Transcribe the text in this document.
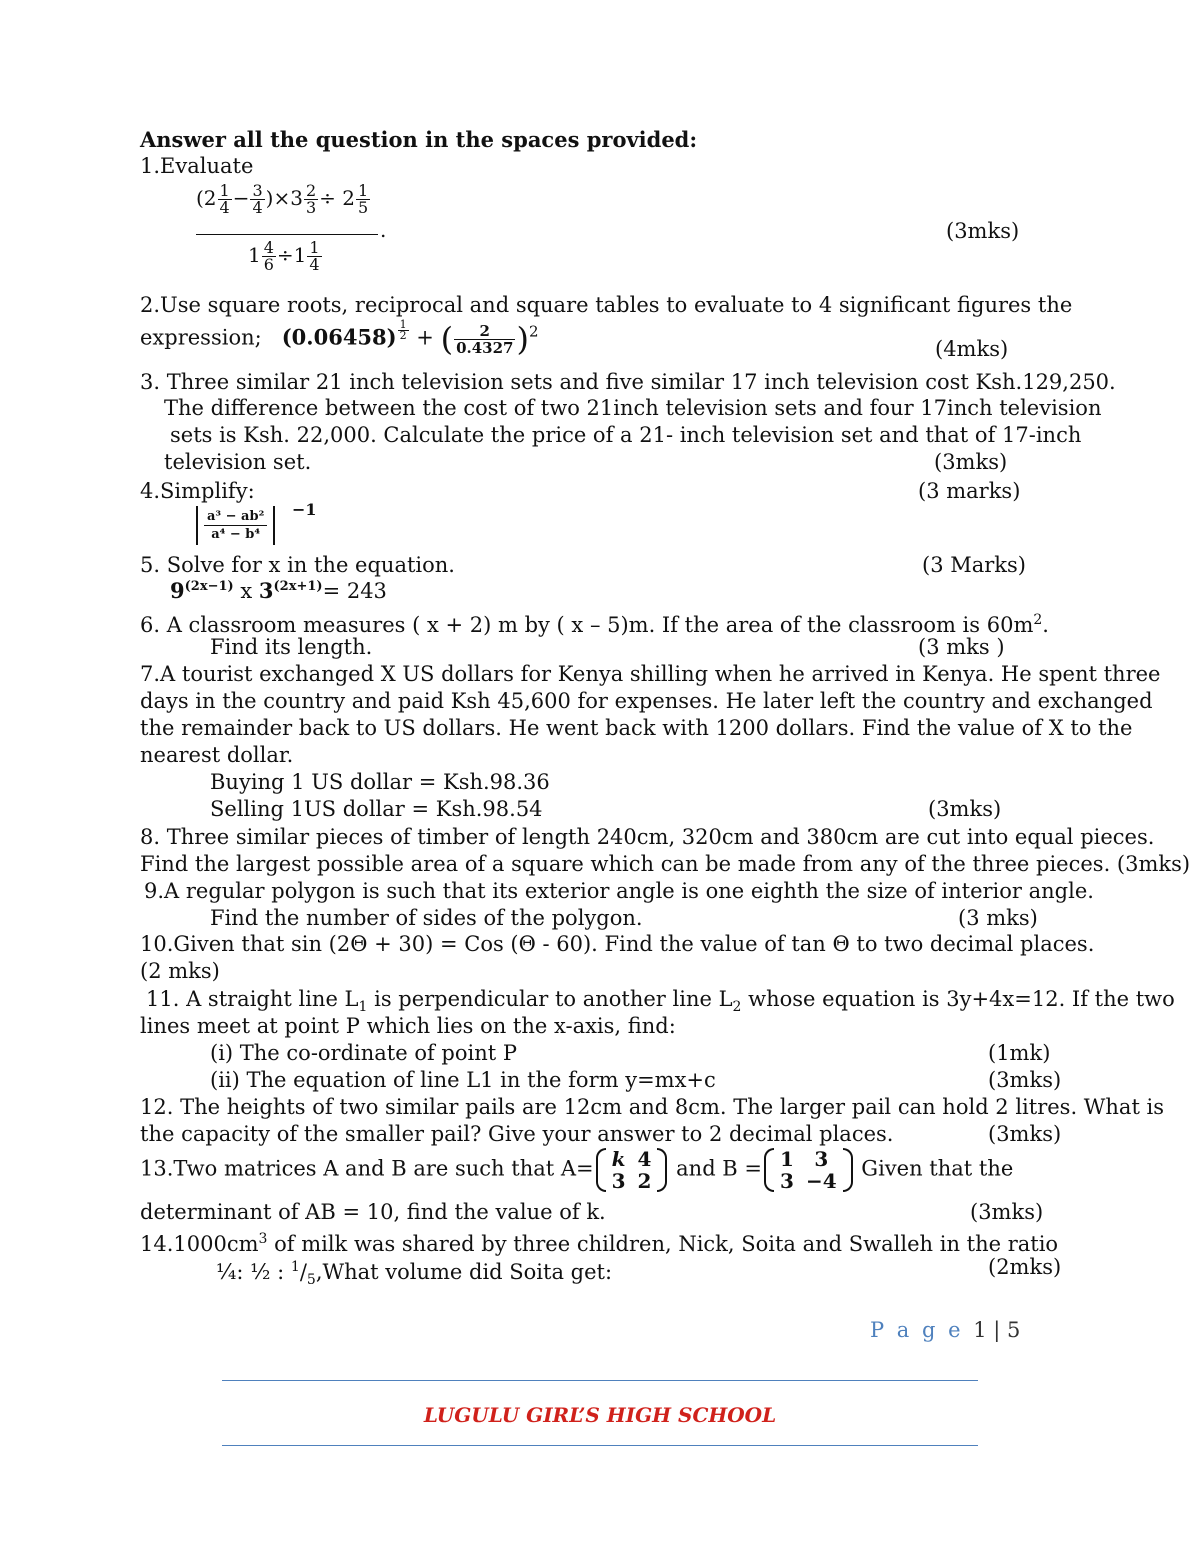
Answer all the question in the spaces provided:
1.Evaluate
$(2 \frac{1}{4} - \frac{3}{4} )\times 3 \frac{2}{3} \div 2 \frac{1}{5}$
.
$1 \frac{4}{6} \div 1 \frac{1}{4}$
(3mks)
2.Use square roots, reciprocal and square tables to evaluate to 4 significant figures the
expression; $(0.06458) \frac{1}{2}$ + ( $\frac{2}{0.4327} )^2$
(4mks)
3. Three similar 21 inch television sets and five similar 17 inch television cost Ksh.129,250.
The difference between the cost of two 21inch television sets and four 17inch television
sets is Ksh. 22,000. Calculate the price of a 21- inch television set and that of 17-inch
television set.	(3mks)
4.Simplify:	(3 marks)
a³ − ab²
a⁴ − b⁴
−1
5. Solve for x in the equation.	(3 Marks)
$9^{(2x-1)}$ x $3^{(2x+1)}= 243$
6. A classroom measures ( x + 2) m by ( x – 5)m. If the area of the classroom is $60m^2$.
Find its length.	(3 mks )
7.A tourist exchanged X US dollars for Kenya shilling when he arrived in Kenya. He spent three
days in the country and paid Ksh 45,600 for expenses. He later left the country and exchanged
the remainder back to US dollars. He went back with 1200 dollars. Find the value of X to the
nearest dollar.
Buying 1 US dollar = Ksh.98.36
Selling 1US dollar = Ksh.98.54	(3mks)
8. Three similar pieces of timber of length 240cm, 320cm and 380cm are cut into equal pieces.
Find the largest possible area of a square which can be made from any of the three pieces. (3mks)
9.A regular polygon is such that its exterior angle is one eighth the size of interior angle.
Find the number of sides of the polygon.	(3 mks)
10.Given that sin (2Θ + 30) = Cos (Θ - 60). Find the value of tan Θ to two decimal places.
(2 mks)
11. A straight line $L_1$ is perpendicular to another line $L_2$ whose equation is 3y+4x=12. If the two
lines meet at point P which lies on the x-axis, find:
(i) The co-ordinate of point P	(1mk)
(ii) The equation of line L1 in the form y=mx+c	(3mks)
12. The heights of two similar pails are 12cm and 8cm. The larger pail can hold 2 litres. What is
the capacity of the smaller pail? Give your answer to 2 decimal places.	(3mks)
13.Two matrices A and B are such that A= k	4
3	2
and B = 1	3
3	−4
Given that the
determinant of AB = 10, find the value of k.	(3mks)
$14.1000cm^3$ of milk was shared by three children, Nick, Soita and Swalleh in the ratio
¼: ½ : $^1/_5,What$ volume did Soita get:	(2mks)
P a g e 1 | 5
LUGULU GIRL’S HIGH SCHOOL
